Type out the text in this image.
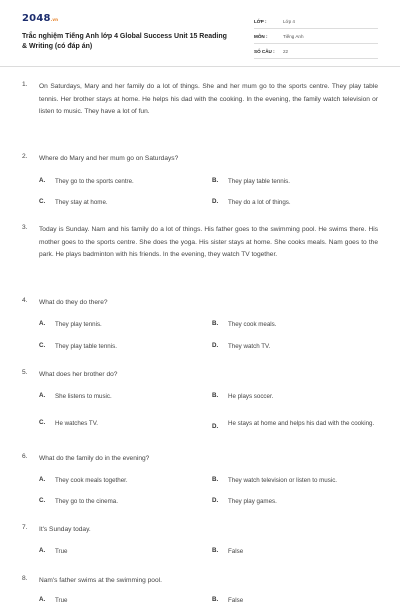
2048.vn
Trắc nghiệm Tiếng Anh lớp 4 Global Success Unit 15 Reading & Writing (có đáp án)
LỚP :	Lớp 4
MÔN :	Tiếng Anh
SỐ CÂU :	22
1.	On Saturdays, Mary and her family do a lot of things. She and her mum go to the sports centre. They play table tennis. Her brother stays at home. He helps his dad with the cooking. In the evening, the family watch television or listen to music. They have a lot of fun.
2.	Where do Mary and her mum go on Saturdays?
A. They go to the sports centre.	B. They play table tennis.
C. They stay at home.	D. They do a lot of things.
3.	Today is Sunday. Nam and his family do a lot of things. His father goes to the swimming pool. He swims there. His mother goes to the sports centre. She does the yoga. His sister stays at home. She cooks meals. Nam goes to the park. He plays badminton with his friends. In the evening, they watch TV together.
4.	What do they do there?
A. They play tennis.	B. They cook meals.
C. They play table tennis.	D. They watch TV.
5.	What does her brother do?
A. She listens to music.	B. He plays soccer.
C. He watches TV.	D. He stays at home and helps his dad with the cooking.
6.	What do the family do in the evening?
A. They cook meals together.	B. They watch television or listen to music.
C. They go to the cinema.	D. They play games.
7.	It's Sunday today.
A. True	B. False
8.	Nam's father swims at the swimming pool.
A. True	B. False
